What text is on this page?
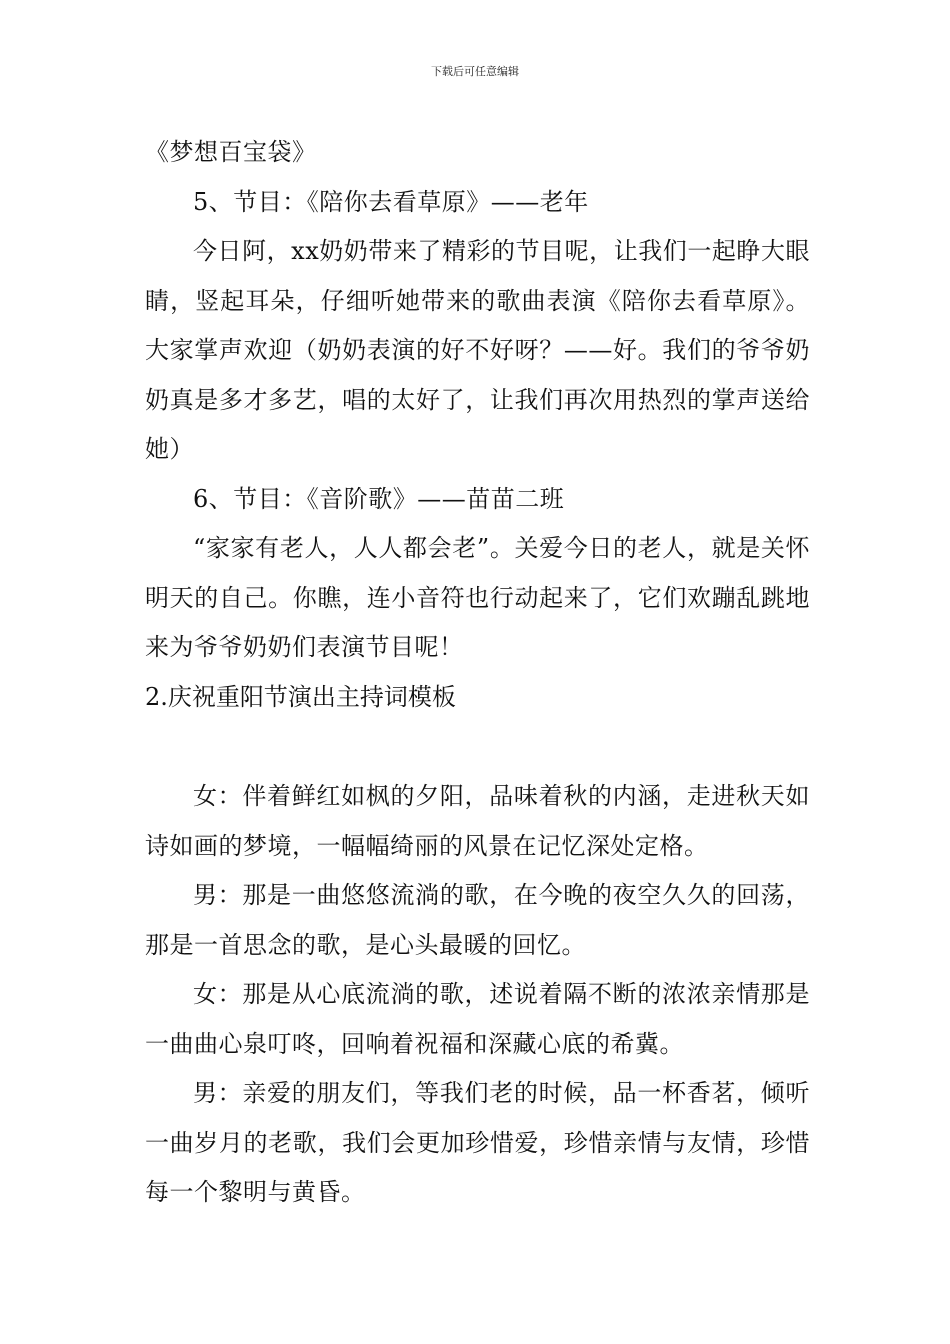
下载后可任意编辑

《梦想百宝袋》

5、节目：《陪你去看草原》——老年

今日阿，xx奶奶带来了精彩的节目呢，让我们一起睁大眼睛，竖起耳朵，仔细听她带来的歌曲表演《陪你去看草原》。大家掌声欢迎（奶奶表演的好不好呀？——好。我们的爷爷奶奶真是多才多艺，唱的太好了，让我们再次用热烈的掌声送给她）

6、节目：《音阶歌》——苗苗二班

“家家有老人，人人都会老”。关爱今日的老人，就是关怀明天的自己。你瞧，连小音符也行动起来了，它们欢蹦乱跳地来为爷爷奶奶们表演节目呢！

2.庆祝重阳节演出主持词模板

女：伴着鲜红如枫的夕阳，品味着秋的内涵，走进秋天如诗如画的梦境，一幅幅绮丽的风景在记忆深处定格。

男：那是一曲悠悠流淌的歌，在今晚的夜空久久的回荡，那是一首思念的歌，是心头最暖的回忆。

女：那是从心底流淌的歌，述说着隔不断的浓浓亲情那是一曲曲心泉叮咚，回响着祝福和深藏心底的希冀。

男：亲爱的朋友们，等我们老的时候，品一杯香茗，倾听一曲岁月的老歌，我们会更加珍惜爱，珍惜亲情与友情，珍惜每一个黎明与黄昏。
